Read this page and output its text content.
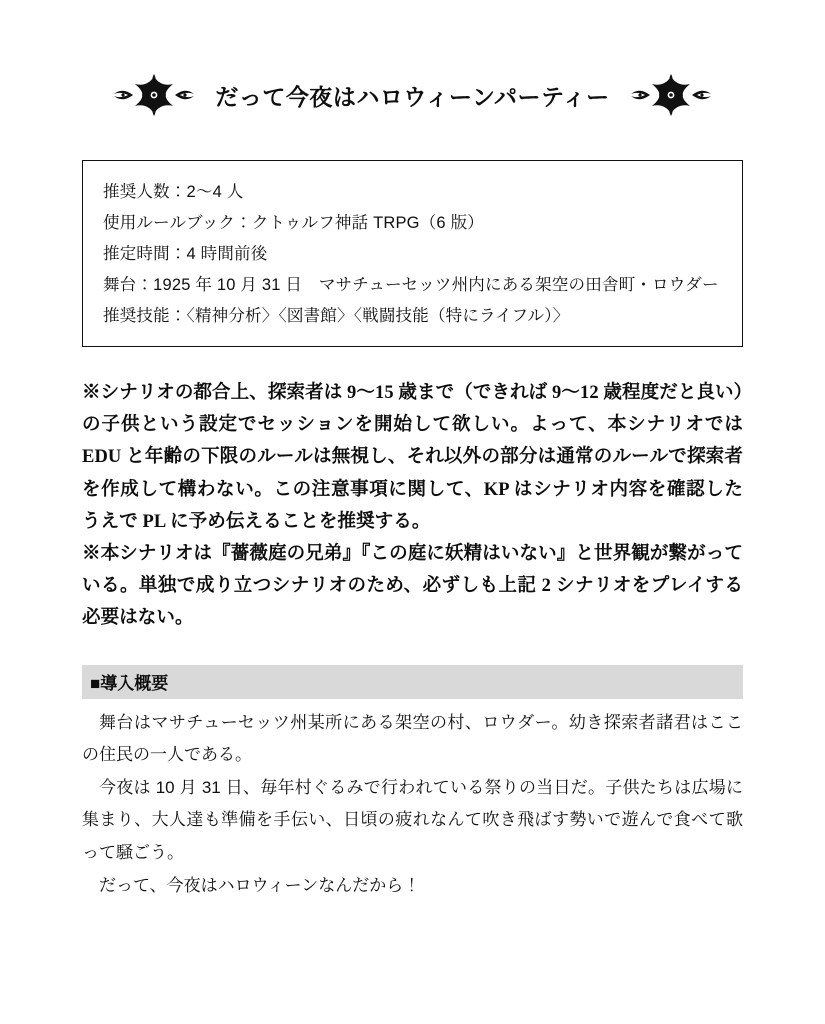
だって今夜はハロウィーンパーティー
推奨人数：2〜4 人
使用ルールブック：クトゥルフ神話 TRPG（6 版）
推定時間：4 時間前後
舞台：1925 年 10 月 31 日　マサチューセッツ州内にある架空の田舎町・ロウダー
推奨技能：〈精神分析〉〈図書館〉〈戦闘技能（特にライフル）〉

※シナリオの都合上、探索者は 9〜15 歳まで（できれば 9〜12 歳程度だと良い）の子供という設定でセッションを開始して欲しい。よって、本シナリオでは EDU と年齢の下限のルールは無視し、それ以外の部分は通常のルールで探索者を作成して構わない。この注意事項に関して、KP はシナリオ内容を確認したうえで PL に予め伝えることを推奨する。

※本シナリオは『薔薇庭の兄弟』『この庭に妖精はいない』と世界観が繋がっている。単独で成り立つシナリオのため、必ずしも上記 2 シナリオをプレイする必要はない。

■導入概要

舞台はマサチューセッツ州某所にある架空の村、ロウダー。幼き探索者諸君はここの住民の一人である。

今夜は 10 月 31 日、毎年村ぐるみで行われている祭りの当日だ。子供たちは広場に集まり、大人達も準備を手伝い、日頃の疲れなんて吹き飛ばす勢いで遊んで食べて歌って騒ごう。

だって、今夜はハロウィーンなんだから！
